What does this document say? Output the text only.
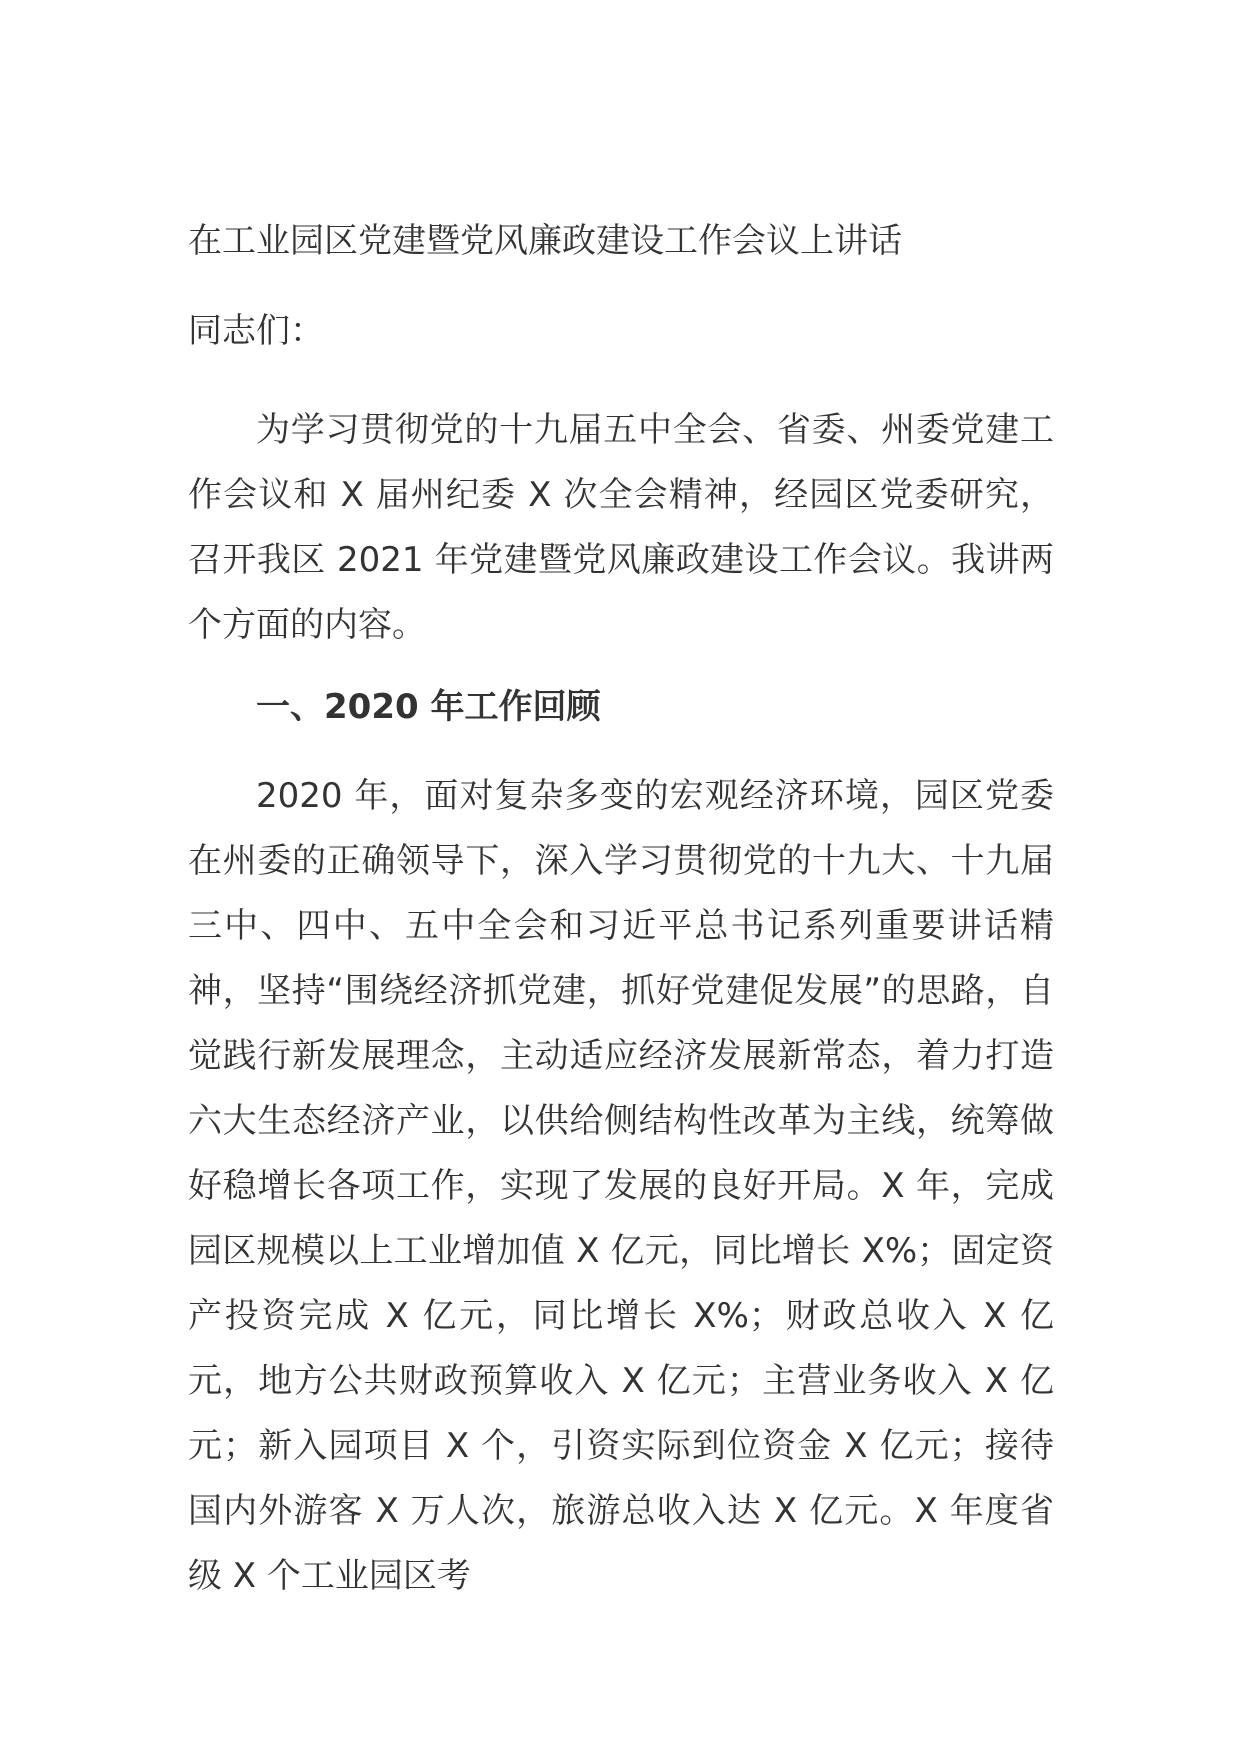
在工业园区党建暨党风廉政建设工作会议上讲话
同志们：

为学习贯彻党的十九届五中全会、省委、州委党建工作会议和 X 届州纪委 X 次全会精神，经园区党委研究，召开我区 2021 年党建暨党风廉政建设工作会议。我讲两个方面的内容。

一、2020 年工作回顾

2020 年，面对复杂多变的宏观经济环境，园区党委在州委的正确领导下，深入学习贯彻党的十九大、十九届三中、四中、五中全会和习近平总书记系列重要讲话精神，坚持“围绕经济抓党建，抓好党建促发展”的思路，自觉践行新发展理念，主动适应经济发展新常态，着力打造六大生态经济产业，以供给侧结构性改革为主线，统筹做好稳增长各项工作，实现了发展的良好开局。X 年，完成园区规模以上工业增加值 X 亿元，同比增长 X%；固定资产投资完成 X 亿元，同比增长 X%；财政总收入 X 亿元，地方公共财政预算收入 X 亿元；主营业务收入 X 亿元；新入园项目 X 个，引资实际到位资金 X 亿元；接待国内外游客 X 万人次，旅游总收入达 X 亿元。X 年度省级 X 个工业园区考
